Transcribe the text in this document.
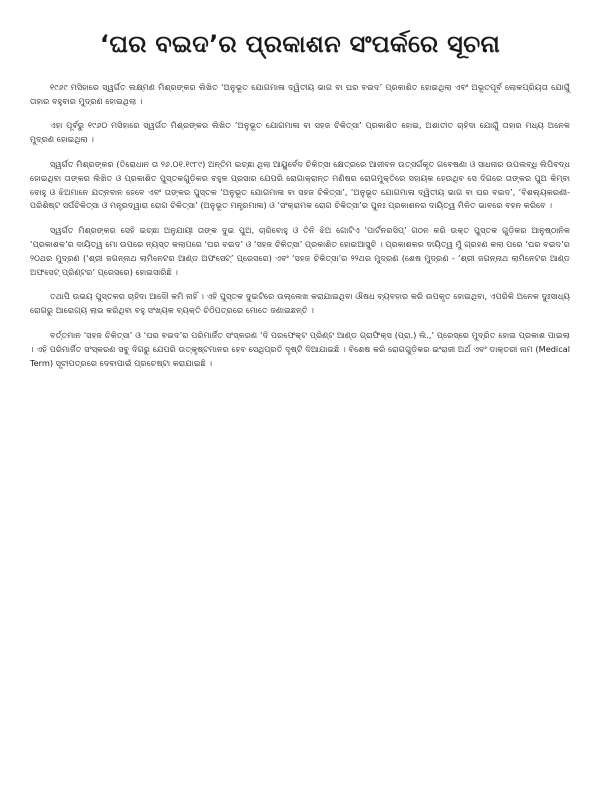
‘ଘର ବଇଦ’ର ପ୍ରକାଶନ ସଂପର୍କରେ ସୂଚନା

୧୯୬୯ ମସିହାରେ ସ୍ୱର୍ଗତ ଲକ୍ଷ୍ମଣ ମିଶ୍ରଙ୍କର ଲିଖିତ ‘ଅନୁଭୂତ ଯୋଗମାଳା ଦ୍ୱିତୀୟ ଭାଗ ବା ଘର ବଇଦ’ ପ୍ରକାଶିତ ହୋଇଥିଲା ଏବଂ ଅଭୂତପୂର୍ବ ଲୋକପ୍ରିୟତା ଯୋଗୁଁ ତାହାର ବହୁବାର ମୁଦ୍ରଣ ହୋଇଥିଲା ।

ଏହା ପୂର୍ବରୁ ୧୯୬୦ ମସିହାରେ ସ୍ୱର୍ଗତ ମିଶ୍ରଙ୍କର ଲିଖିତ ‘ଅନୁଭୂତ ଯୋଗମାଳା ବା ସହଜ ଚିକିତ୍ସା’ ପ୍ରକାଶିତ ହୋଇ, ଅଶାତୀତ ଚାହିଦା ଯୋଗୁଁ ତାହାର ମଧ୍ୟ ଅନେକ ମୁଦ୍ରଣ ହୋଇଥିଲା ।

ସ୍ୱର୍ଗତ ମିଶ୍ରଙ୍କର (ତିରୋଧାନ ତା ୨୬.୦୧.୧୯୮୯) ଅନ୍ତିମ ଇଚ୍ଛା ଥିଲା ଆୟୁର୍ବେଦ ଚିକିତ୍ସା କ୍ଷେତ୍ରରେ ଆଜୀବନ ଉତ୍ସର୍ଗକୃତ ଗବେଷଣା ଓ ସାଧନାର ଉପଲବ୍ଧି ଲିପିବଦ୍ଧ ହୋଇଥିବା ତାଙ୍କର ଲିଖିତ ଓ ପ୍ରକାଶିତ ପୁସ୍ତକଗୁଡ଼ିକର ବହୁଳ ପ୍ରସାର ଯେପରି ରୋଗାକ୍ରାନ୍ତ ମଣିଷର ରୋଗମୁକ୍ତିରେ ସହାୟକ ହେଉଥିବ ସେ ଦିଗରେ ତାଙ୍କର ପୁଅ କିମ୍ବା ବୋହୁ ଓ ଝିଅମାନେ ଯତ୍ନବାନ ହେବେ ଏବଂ ତାଙ୍କର ପୁସ୍ତକ ‘ଅନୁଭୂତ ଯୋଗମାଳା ବା ସହଜ ଚିକିତ୍ସା’, ‘ଅନୁଭୂତ ଯୋଗମାଳା ଦ୍ୱିତୀୟ ଭାଗ ବା ଘର ବଇଦ’, ‘ବିଶଲ୍ୟକରଣୀ-ପରିଶିଷ୍ଟ ସର୍ପଚିକିତ୍ସା ଓ ମନ୍ତ୍ରଦ୍ୱାରା ରୋଗ ଚିକିତ୍ସା’ (ଅନୁଭୂତ ମନ୍ତ୍ରମାଳା) ଓ ‘ସଂକ୍ରାମକ ରୋଗ ଚିକିତ୍ସା’ର ପୁନଃ ପ୍ରକାଶନର ଦାୟିତ୍ୱ ମିଳିତ ଭାବରେ ବହନ କରିବେ ।

ସ୍ୱର୍ଗତ ମିଶ୍ରଙ୍କର ସେହି ଇଚ୍ଛା ଅନୁଯାୟୀ ତାଙ୍କ ଦୁଇ ପୁଅ, ଚାରିବୋହୁ ଓ ତିନି ଝିଅ ଗୋଟିଏ ‘ପାର୍ଟନରସିପ୍’ ଗଠନ କରି ଉକ୍ତ ପୁସ୍ତକ ଗୁଡ଼ିକର ଆନୁଷ୍ଠାନିକ ‘ପ୍ରକାଶକ’ର ଦାୟିତ୍ୱ ମୋ ଉପରେ ନ୍ୟସ୍ତ କଲାପରେ ‘ଘର ବଇଦ’ ଓ ‘ସହଜ ଚିକିତ୍ସା’ ପ୍ରକାଶିତ ହୋଇଆସୁଚି । ପ୍ରକାଶକର ଦାୟିତ୍ୱ ମୁଁ ଗ୍ରହଣ କଲା ପରେ ‘ଘର ବଇଦ’ର ୨୦ଥର ମୁଦ୍ରଣ (‘ଶ୍ରୀ ଜଗନ୍ନାଥ ଲାମିନେଟର ଆଣ୍ଡ ଅଫସେଟ୍’ ପ୍ରେସରେ) ଏବଂ ‘ସହଜ ଚିକିତ୍ସା’ର ୨୨ଥର ମୁଦ୍ରଣ (ଶେଷ ମୁଦ୍ରଣ - ‘ଶ୍ରୀ ଜଗନ୍ନାଥ ଲାମିନେଟର ଆଣ୍ଡ ଅଫସେଟ୍ ପ୍ରିଣ୍ଟର’ ପ୍ରେସରେ) ହୋଇସାରିଛି ।

ତଥାପି ଉଭୟ ପୁସ୍ତକର ଚାହିଦା ଆଦୌ କମି ନାହିଁ । ଏହି ପୁସ୍ତକ ଦୁଇଟିରେ ଉଲ୍ଲେଖ କରାଯାଇଥିବା ଔଷଧ ବ୍ୟବହାର କରି ଉପକୃତ ହୋଇଥିବା, ଏପରିକି ଅନେକ ଦୁଃସାଧ୍ୟ ରୋଗରୁ ଆରୋଗ୍ୟ ଲାଭ କରିଥିବା ବହୁ ସଂଖ୍ୟକ ବ୍ୟକ୍ତି ଚିଠିପତ୍ରରେ ମୋତେ ଜଣାଇଛନ୍ତି ।

ବର୍ତ୍ତମାନ ‘ସହଜ ଚିକିତ୍ସା’ ଓ ‘ଘର ବଇଦ’ର ପରିମାର୍ଜିତ ସଂସ୍କରଣ ‘ଦି ପରଫେକ୍ଟ ପ୍ରିଣ୍ଟ ଆଣ୍ଡ ଗ୍ରାଫିକ୍ସ (ପ୍ରା.) ଲି.,’ ପ୍ରେସ୍‌ରେ ମୁଦ୍ରିତ ହୋଇ ପ୍ରକାଶ ପାଇଲା । ଏହି ପରିମାର୍ଜିତ ସଂସ୍କରଣ ସବୁ ଦିଗରୁ ଯେପରି ଉତ୍କୃଷ୍ଟମାନର ହେବ ସେଥିପ୍ରତି ଦୃଷ୍ଟି ଦିଆଯାଇଛି । ବିଶେଷ କରି ରୋଗଗୁଡ଼ିକର ଇଂରାଜୀ ଅର୍ଥ ଏବଂ ଡାକ୍ତରୀ ନାମ (Medical Term) ସୂଚୀପତ୍ରରେ ଦେବାପାଇଁ ପ୍ରଚେଷ୍ଟା କରାଯାଇଛି ।
